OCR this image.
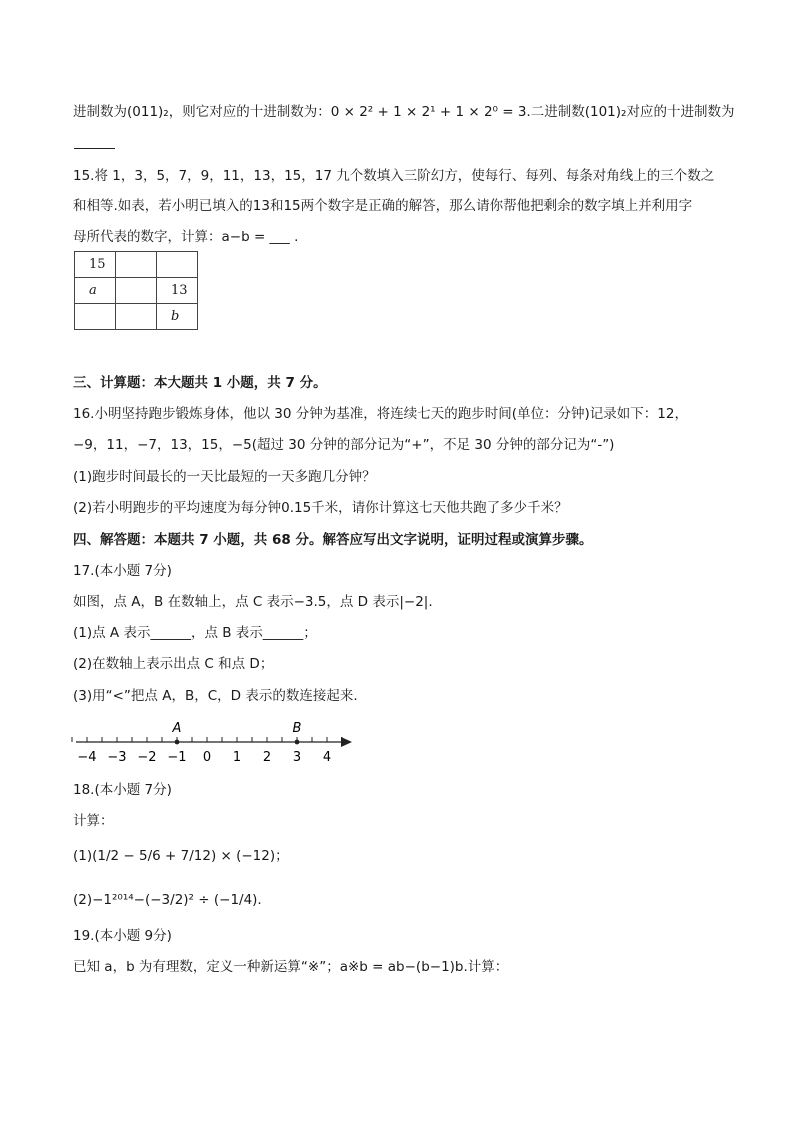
进制数为(011)₂，则它对应的十进制数为：0 × 2² + 1 × 2¹ + 1 × 2⁰ = 3.二进制数(101)₂对应的十进制数为
15.将 1，3，5，7，9，11，13，15，17 九个数填入三阶幻方，使每行、每列、每条对角线上的三个数之
和相等.如表，若小明已填入的13和15两个数字是正确的解答，那么请你帮他把剩余的数字填上并利用字
母所代表的数字，计算：a−b = ___ .
15		
a		13
		b
三、计算题：本大题共 1 小题，共 7 分。
16.小明坚持跑步锻炼身体，他以 30 分钟为基准，将连续七天的跑步时间(单位：分钟)记录如下：12，
−9，11，−7，13，15，−5(超过 30 分钟的部分记为“+”，不足 30 分钟的部分记为“-”)
(1)跑步时间最长的一天比最短的一天多跑几分钟？
(2)若小明跑步的平均速度为每分钟0.15千米，请你计算这七天他共跑了多少千米？
四、解答题：本题共 7 小题，共 68 分。解答应写出文字说明，证明过程或演算步骤。
17.(本小题 7分)
如图，点 A，B 在数轴上，点 C 表示−3.5，点 D 表示|−2|.
(1)点 A 表示______，点 B 表示______；
(2)在数轴上表示出点 C 和点 D；
(3)用“<”把点 A，B，C，D 表示的数连接起来.
−4 −3 −2 −1 0 1 2 3 4
A	B
18.(本小题 7分)
计算：
(1)(1/2 − 5/6 + 7/12) × (−12)；
(2)−1²⁰¹⁴−(−3/2)² ÷ (−1/4).
19.(本小题 9分)
已知 a，b 为有理数，定义一种新运算“※”；a※b = ab−(b−1)b.计算：
